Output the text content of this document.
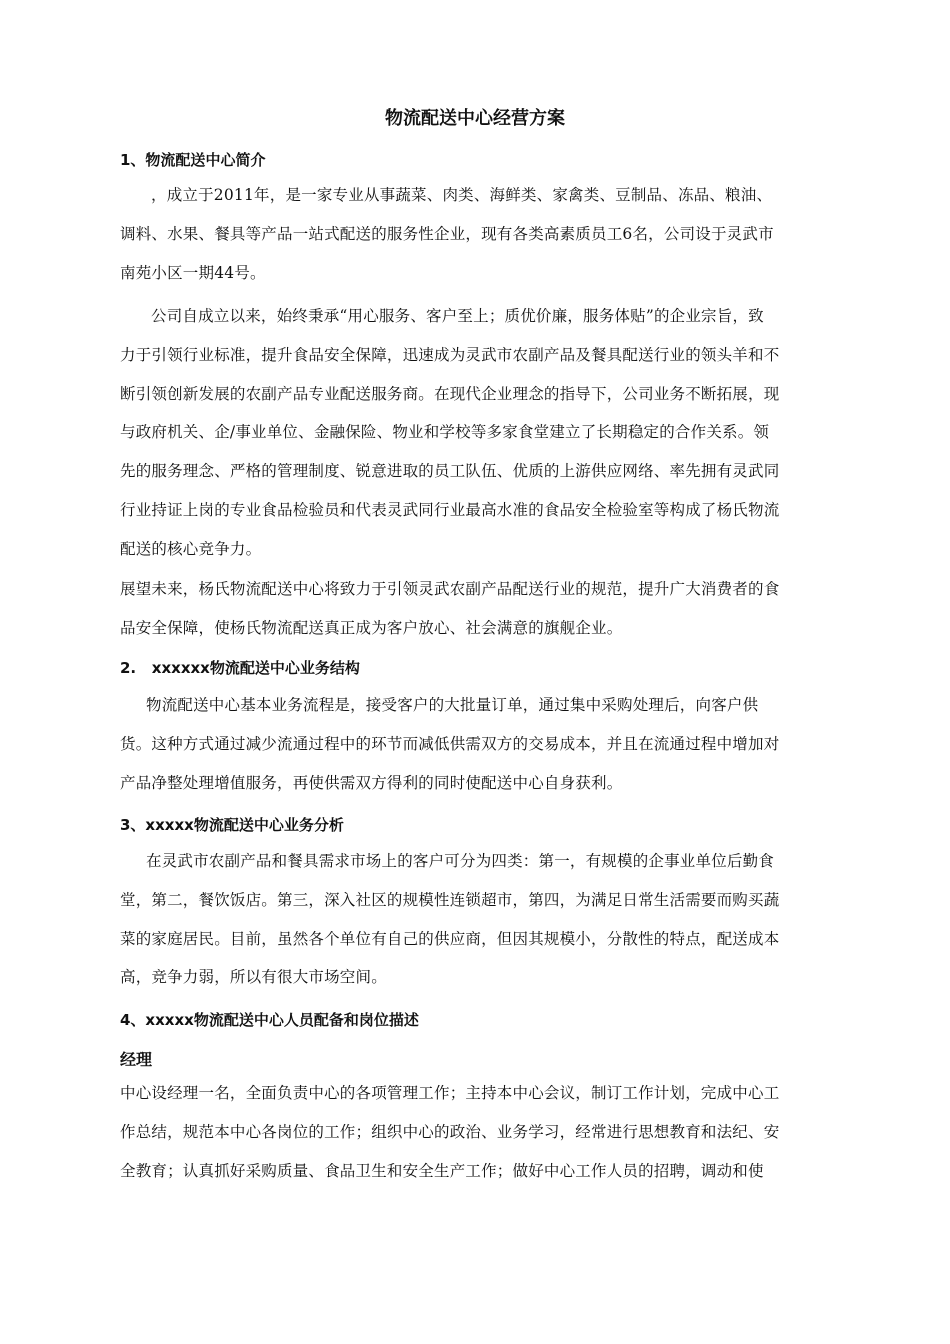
物流配送中心经营方案
1、物流配送中心简介
，成立于2011年，是一家专业从事蔬菜、肉类、海鲜类、家禽类、豆制品、冻品、粮油、
调料、水果、餐具等产品一站式配送的服务性企业，现有各类高素质员工6名，公司设于灵武市
南苑小区一期44号。
公司自成立以来，始终秉承“用心服务、客户至上；质优价廉，服务体贴”的企业宗旨，致
力于引领行业标准，提升食品安全保障，迅速成为灵武市农副产品及餐具配送行业的领头羊和不
断引领创新发展的农副产品专业配送服务商。在现代企业理念的指导下，公司业务不断拓展，现
与政府机关、企/事业单位、金融保险、物业和学校等多家食堂建立了长期稳定的合作关系。领
先的服务理念、严格的管理制度、锐意进取的员工队伍、优质的上游供应网络、率先拥有灵武同
行业持证上岗的专业食品检验员和代表灵武同行业最高水准的食品安全检验室等构成了杨氏物流
配送的核心竞争力。
展望未来，杨氏物流配送中心将致力于引领灵武农副产品配送行业的规范，提升广大消费者的食
品安全保障，使杨氏物流配送真正成为客户放心、社会满意的旗舰企业。
2.   xxxxxx物流配送中心业务结构
物流配送中心基本业务流程是，接受客户的大批量订单，通过集中采购处理后，向客户供
货。这种方式通过减少流通过程中的环节而减低供需双方的交易成本，并且在流通过程中增加对
产品净整处理增值服务，再使供需双方得利的同时使配送中心自身获利。
3、xxxxx物流配送中心业务分析
在灵武市农副产品和餐具需求市场上的客户可分为四类：第一，有规模的企事业单位后勤食
堂，第二，餐饮饭店。第三，深入社区的规模性连锁超市，第四，为满足日常生活需要而购买蔬
菜的家庭居民。目前，虽然各个单位有自己的供应商，但因其规模小，分散性的特点，配送成本
高，竞争力弱，所以有很大市场空间。
4、xxxxx物流配送中心人员配备和岗位描述
经理
中心设经理一名，全面负责中心的各项管理工作；主持本中心会议，制订工作计划，完成中心工
作总结，规范本中心各岗位的工作；组织中心的政治、业务学习，经常进行思想教育和法纪、安
全教育；认真抓好采购质量、食品卫生和安全生产工作；做好中心工作人员的招聘，调动和使
